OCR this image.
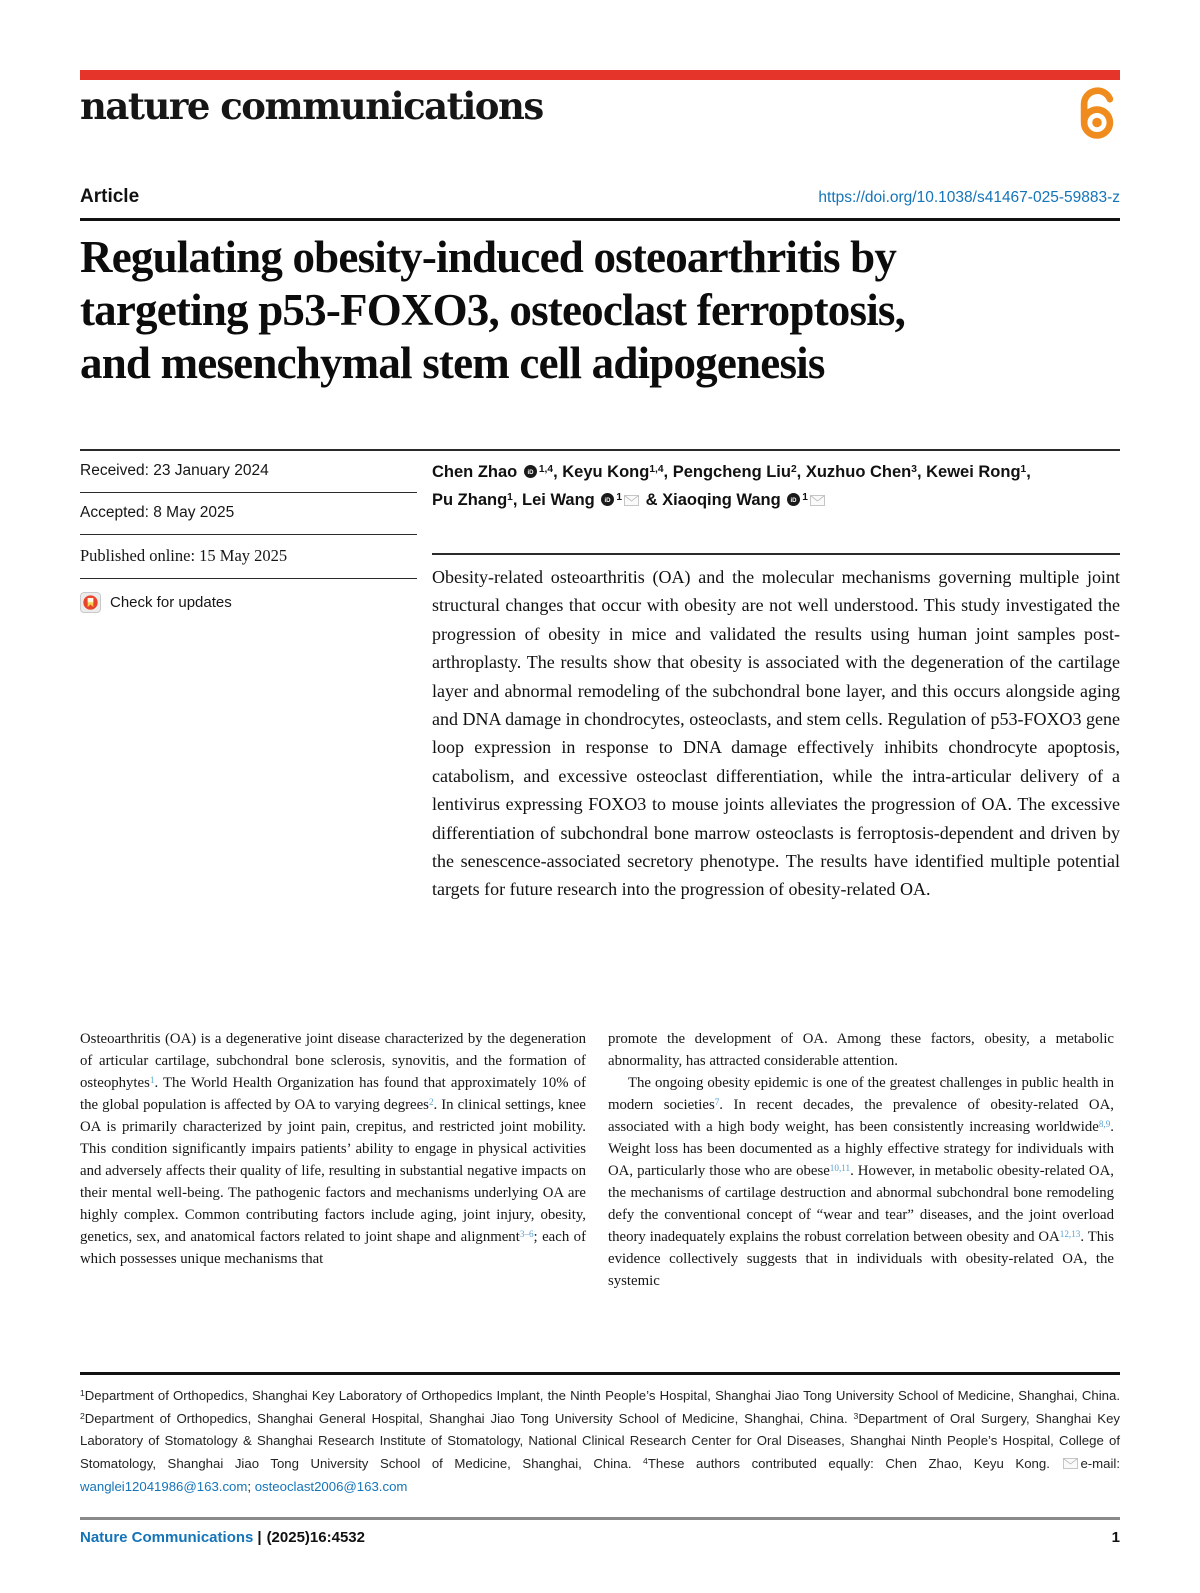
nature communications
Article	https://doi.org/10.1038/s41467-025-59883-z
Regulating obesity-induced osteoarthritis by
targeting p53-FOXO3, osteoclast ferroptosis,
and mesenchymal stem cell adipogenesis
Received: 23 January 2024
Accepted: 8 May 2025
Published online: 15 May 2025
Check for updates
Chen Zhao iD $^{1,4}$, Keyu Kong$^{1,4}$, Pengcheng Liu$^2$, Xuzhuo Chen$^3$, Kewei Rong$^1$,
Pu Zhang$^1$, Lei Wang iD $^1$ & Xiaoqing Wang iD $^1$
Obesity-related osteoarthritis (OA) and the molecular mechanisms governing multiple joint structural changes that occur with obesity are not well understood. This study investigated the progression of obesity in mice and validated the results using human joint samples post-arthroplasty. The results show that obesity is associated with the degeneration of the cartilage layer and abnormal remodeling of the subchondral bone layer, and this occurs alongside aging and DNA damage in chondrocytes, osteoclasts, and stem cells. Regulation of p53-FOXO3 gene loop expression in response to DNA damage effectively inhibits chondrocyte apoptosis, catabolism, and excessive osteoclast differentiation, while the intra-articular delivery of a lentivirus expressing FOXO3 to mouse joints alleviates the progression of OA. The excessive differentiation of subchondral bone marrow osteoclasts is ferroptosis-dependent and driven by the senescence-associated secretory phenotype. The results have identified multiple potential targets for future research into the progression of obesity-related OA.

Osteoarthritis (OA) is a degenerative joint disease characterized by the degeneration of articular cartilage, subchondral bone sclerosis, synovitis, and the formation of osteophytes$^1$. The World Health Organization has found that approximately 10% of the global population is affected by OA to varying degrees$^2$. In clinical settings, knee OA is primarily characterized by joint pain, crepitus, and restricted joint mobility. This condition significantly impairs patients’ ability to engage in physical activities and adversely affects their quality of life, resulting in substantial negative impacts on their mental well-being. The pathogenic factors and mechanisms underlying OA are highly complex. Common contributing factors include aging, joint injury, obesity, genetics, sex, and anatomical factors related to joint shape and alignment$^{3-6}$; each of which possesses unique mechanisms that

promote the development of OA. Among these factors, obesity, a metabolic abnormality, has attracted considerable attention.

The ongoing obesity epidemic is one of the greatest challenges in public health in modern societies$^7$. In recent decades, the prevalence of obesity-related OA, associated with a high body weight, has been consistently increasing worldwide$^{8,9}$. Weight loss has been documented as a highly effective strategy for individuals with OA, particularly those who are obese$^{10,11}$. However, in metabolic obesity-related OA, the mechanisms of cartilage destruction and abnormal subchondral bone remodeling defy the conventional concept of “wear and tear” diseases, and the joint overload theory inadequately explains the robust correlation between obesity and OA$^{12,13}$. This evidence collectively suggests that in individuals with obesity-related OA, the systemic

$^1$Department of Orthopedics, Shanghai Key Laboratory of Orthopedics Implant, the Ninth People’s Hospital, Shanghai Jiao Tong University School of Medicine, Shanghai, China. $^2$Department of Orthopedics, Shanghai General Hospital, Shanghai Jiao Tong University School of Medicine, Shanghai, China. $^3$Department of Oral Surgery, Shanghai Key Laboratory of Stomatology & Shanghai Research Institute of Stomatology, National Clinical Research Center for Oral Diseases, Shanghai Ninth People’s Hospital, College of Stomatology, Shanghai Jiao Tong University School of Medicine, Shanghai, China. $^4$These authors contributed equally: Chen Zhao, Keyu Kong. e-mail: wanglei12041986@163.com; osteoclast2006@163.com
Nature Communications | (2025)16:4532	1
